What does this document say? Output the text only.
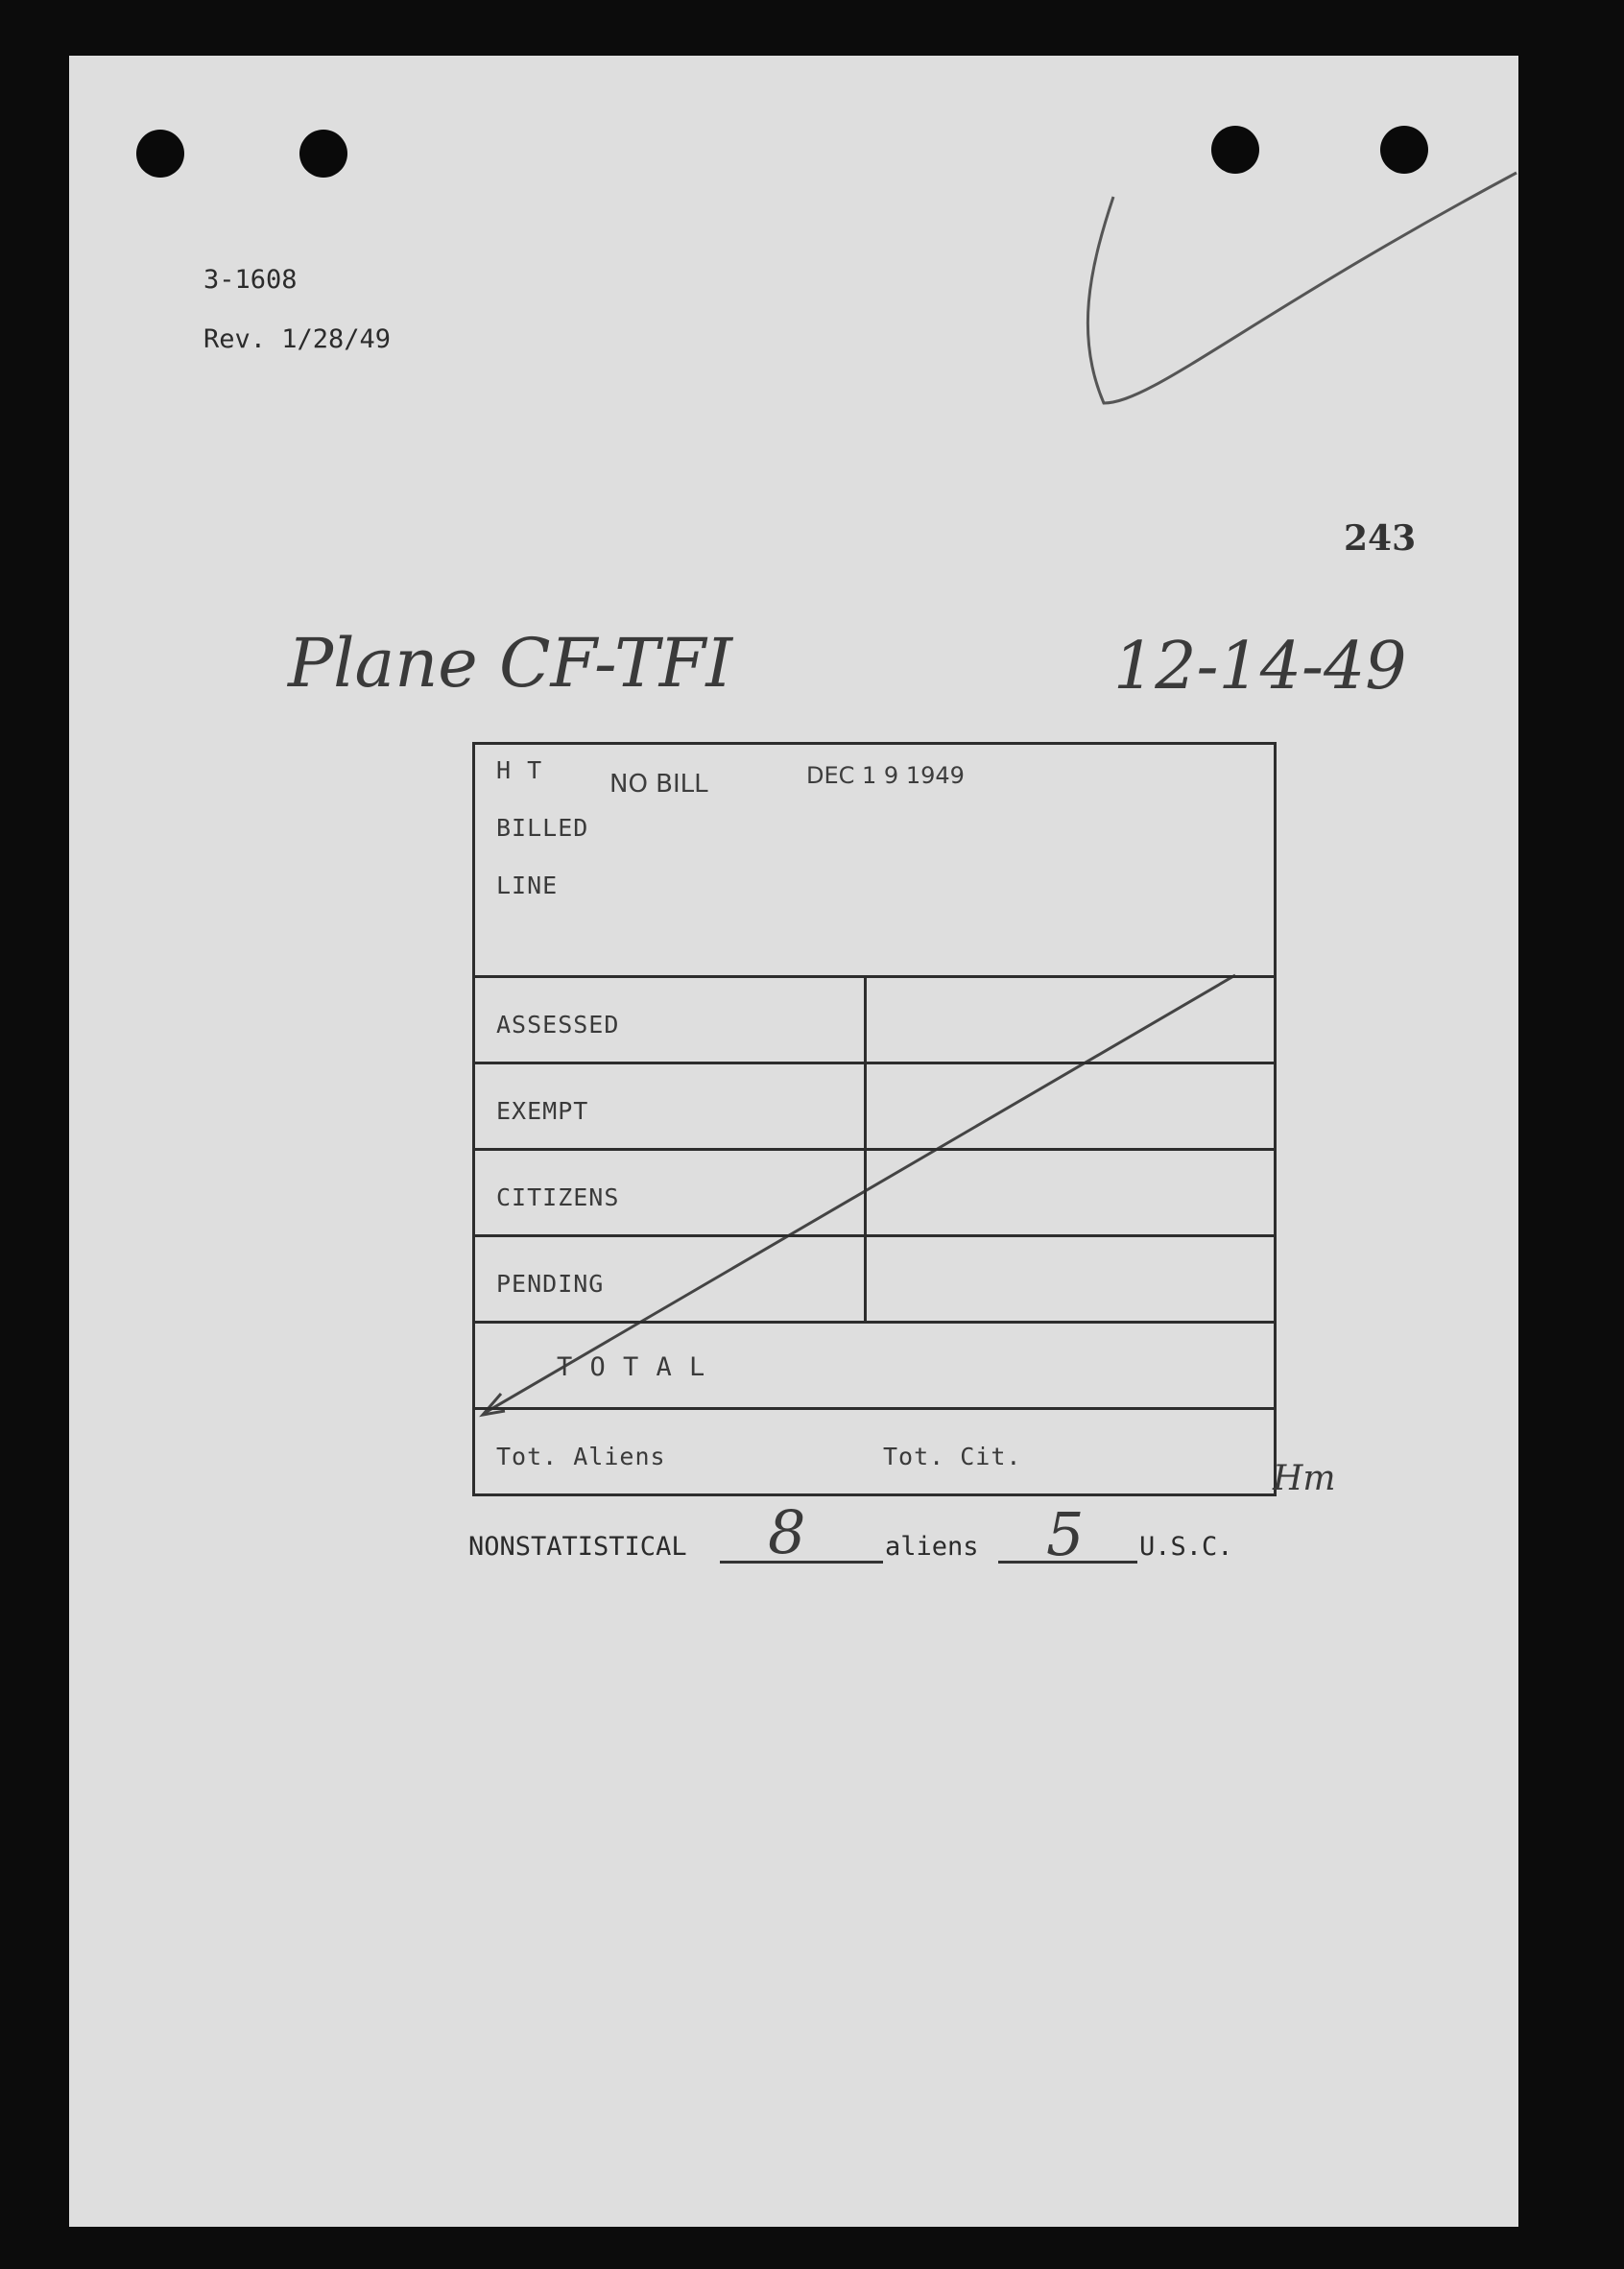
3-1608
Rev. 1/28/49
243
Plane CF-TFI	12-14-49
H T
BILLED
LINE
NO BILL	DEC 1 9 1949
ASSESSED
EXEMPT
CITIZENS
PENDING
T O T A L
Tot. Aliens	Tot. Cit.
Hm
NONSTATISTICAL 8	aliens 5 U.S.C.
